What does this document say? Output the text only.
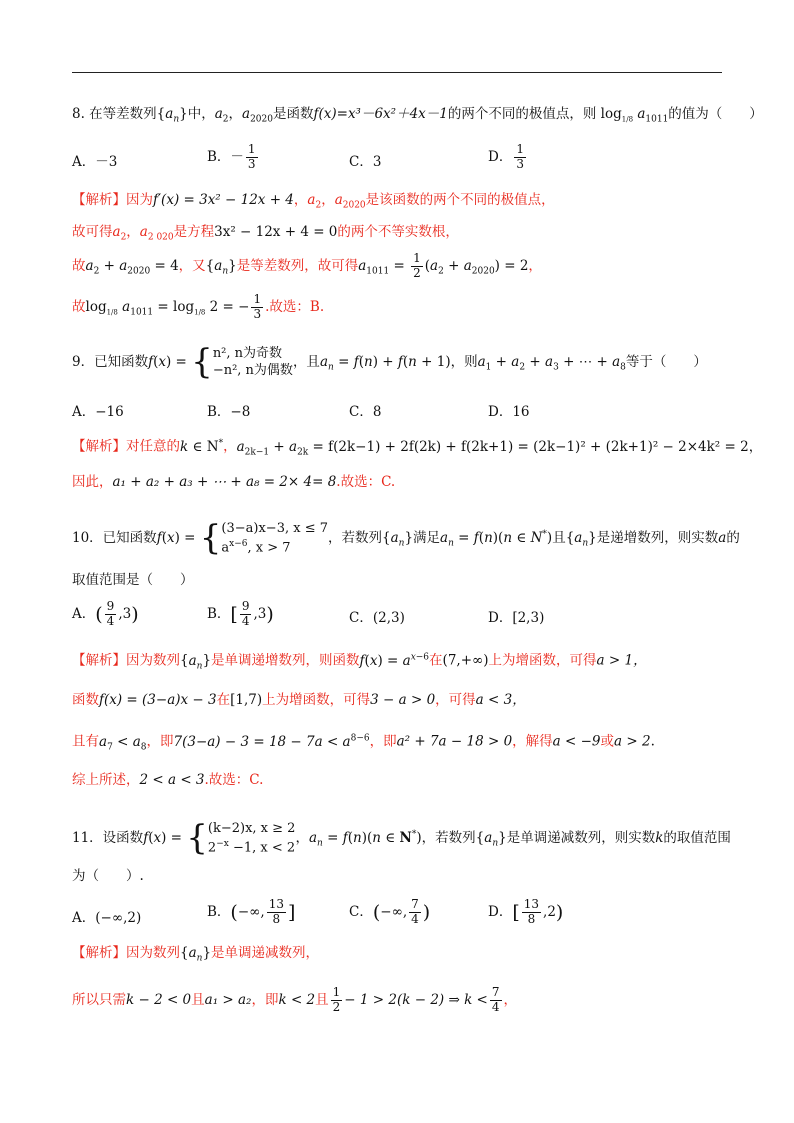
8. 在等差数列$\{a_n\}$中，$a_2$，$a_{2020}$是函数f(x)=x³－6x²＋4x－1的两个不同的极值点，则 $\log_{1/8} a_{1011}$的值为（　　）
A．－3	B．－ $\frac{1}{3}$	C．3	D． $\frac{1}{3}$
【解析】因为f′(x) = 3x² − 12x + 4，$a_2$，$a_{2020}$是该函数的两个不同的极值点，
故可得$a_2$，$a_{2 020}$是方程3x² − 12x + 4 = 0的两个不等实数根，
故$a_2 + a_{2020} = 4$，又$\{a_n\}$是等差数列，故可得$a_{1011} = \frac{1}{2} (a_2 + a_{2020}) = 2$，
故$\log_{1/8} a_{1011} = \log_{1/8} 2$ = − $\frac{1}{3}$ .故选：B.
9．已知函数f(x) = { n², n为奇数
−n², n为偶数
，且$a_n = f(n) + f(n + 1)$，则$a_1 + a_2 + a_3$ + ⋯ + $a_8$等于（　　）
A．−16	B．−8	C．8	D．16
【解析】对任意的k ∈ N*，$a_{2k-1} + a_{2k} = f(2k-1) + 2f(2k) + f(2k+1) = (2k-1)^2 + (2k+1)^2 - 2\times 4k^2 = 2$，
因此，a₁ + a₂ + a₃ + ⋯ + a₈ = 2× 4= 8.故选：C.
10．已知函数f(x) = { (3−a)x−3, x ≤ 7
$a^{x-6}$, x > 7
，若数列$\{a_n\}$满足$a_n = f(n)(n$ ∈ N*)且$\{a_n\}$是递增数列，则实数a的
取值范围是（　　）
A．( $\frac{9}{4} ,3$)	B．[ $\frac{9}{4} ,3$)	C．(2,3)	D．[2,3)
【解析】因为数列$\{a_n\}$是单调递增数列，则函数$f(x) = a^{x-6}$在(7,+∞)上为增函数，可得a > 1，
函数f(x) = (3−a)x − 3在[1,7)上为增函数，可得3 − a > 0，可得a < 3，
且有$a_7 < a_8$，即$7(3-a) - 3 = 18 - 7a < a^{8-6}$，即a² + 7a − 18 > 0，解得a < −9或a > 2.
综上所述，2 < a < 3.故选：C.
11．设函数f(x) = { (k−2)x, x ≥ 2
$2^{-x} -1$, x < 2
，$a_n = f(n)(n$ ∈ N*)，若数列$\{a_n\}$是单调递减数列，则实数k的取值范围
为（　　）.
A．(−∞,2)	B．(−∞, $\frac{13}{8}$ ]	C．(−∞, $\frac{7}{4}$ )	D．[ $\frac{13}{8} ,2$)
【解析】因为数列$\{a_n\}$是单调递减数列，
所以只需k − 2 < 0且a₁ > a₂，即k < 2且 $\frac{1}{2} - 1 > 2(k - 2)$ ⇒ $k < \frac{7}{4}$ ，
